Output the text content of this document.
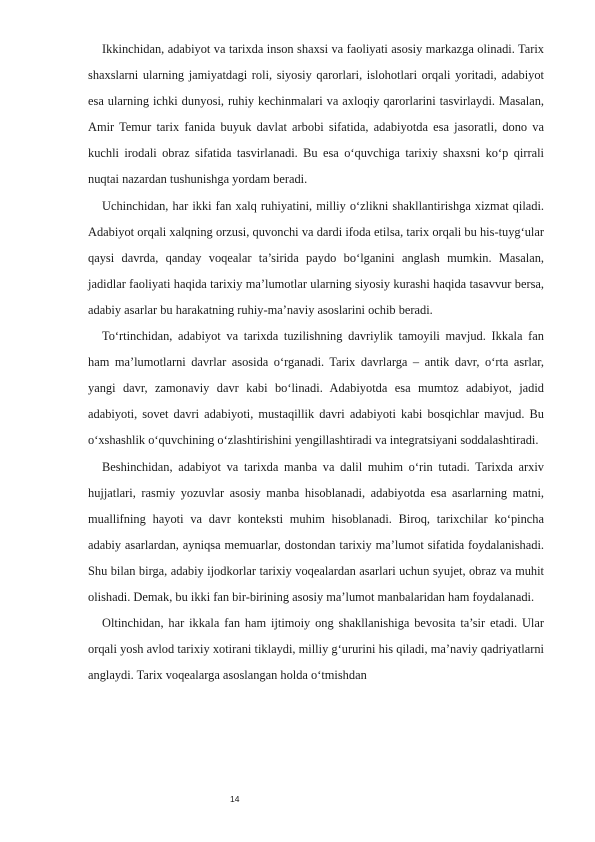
Ikkinchidan, adabiyot va tarixda inson shaxsi va faoliyati asosiy markazga olinadi. Tarix shaxslarni ularning jamiyatdagi roli, siyosiy qarorlari, islohotlari orqali yoritadi, adabiyot esa ularning ichki dunyosi, ruhiy kechinmalari va axloqiy qarorlarini tasvirlaydi. Masalan, Amir Temur tarix fanida buyuk davlat arbobi sifatida, adabiyotda esa jasoratli, dono va kuchli irodali obraz sifatida tasvirlanadi. Bu esa o‘quvchiga tarixiy shaxsni ko‘p qirrali nuqtai nazardan tushunishga yordam beradi.

Uchinchidan, har ikki fan xalq ruhiyatini, milliy o‘zlikni shakllantirishga xizmat qiladi. Adabiyot orqali xalqning orzusi, quvonchi va dardi ifoda etilsa, tarix orqali bu his-tuyg‘ular qaysi davrda, qanday voqealar ta’sirida paydo bo‘lganini anglash mumkin. Masalan, jadidlar faoliyati haqida tarixiy ma’lumotlar ularning siyosiy kurashi haqida tasavvur bersa, adabiy asarlar bu harakatning ruhiy-ma’naviy asoslarini ochib beradi.

To‘rtinchidan, adabiyot va tarixda tuzilishning davriylik tamoyili mavjud. Ikkala fan ham ma’lumotlarni davrlar asosida o‘rganadi. Tarix davrlarga – antik davr, o‘rta asrlar, yangi davr, zamonaviy davr kabi bo‘linadi. Adabiyotda esa mumtoz adabiyot, jadid adabiyoti, sovet davri adabiyoti, mustaqillik davri adabiyoti kabi bosqichlar mavjud. Bu o‘xshashlik o‘quvchining o‘zlashtirishini yengillashtiradi va integratsiyani soddalashtiradi.

Beshinchidan, adabiyot va tarixda manba va dalil muhim o‘rin tutadi. Tarixda arxiv hujjatlari, rasmiy yozuvlar asosiy manba hisoblanadi, adabiyotda esa asarlarning matni, muallifning hayoti va davr konteksti muhim hisoblanadi. Biroq, tarixchilar ko‘pincha adabiy asarlardan, ayniqsa memuarlar, dostondan tarixiy ma’lumot sifatida foydalanishadi. Shu bilan birga, adabiy ijodkorlar tarixiy voqealardan asarlari uchun syujet, obraz va muhit olishadi. Demak, bu ikki fan bir-birining asosiy ma’lumot manbalaridan ham foydalanadi.

Oltinchidan, har ikkala fan ham ijtimoiy ong shakllanishiga bevosita ta’sir etadi. Ular orqali yosh avlod tarixiy xotirani tiklaydi, milliy g‘ururini his qiladi, ma’naviy qadriyatlarni anglaydi. Tarix voqealarga asoslangan holda o‘tmishdan

14
